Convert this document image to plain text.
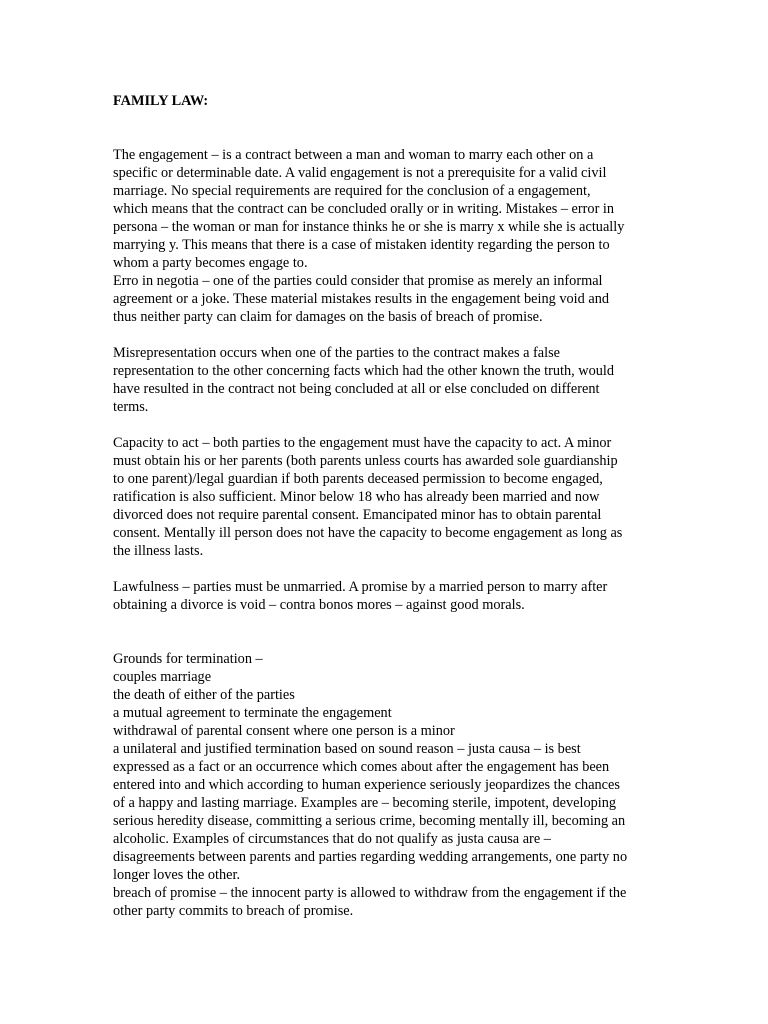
FAMILY LAW:
The engagement – is a contract between a man and woman to marry each other on a
specific or determinable date. A valid engagement is not a prerequisite for a valid civil
marriage. No special requirements are required for the conclusion of a engagement,
which means that the contract can be concluded orally or in writing. Mistakes – error in
persona – the woman or man for instance thinks he or she is marry x while she is actually
marrying y. This means that there is a case of mistaken identity regarding the person to
whom a party becomes engage to.
Erro in negotia – one of the parties could consider that promise as merely an informal
agreement or a joke. These material mistakes results in the engagement being void and
thus neither party can claim for damages on the basis of breach of promise.
Misrepresentation occurs when one of the parties to the contract makes a false
representation to the other concerning facts which had the other known the truth, would
have resulted in the contract not being concluded at all or else concluded on different
terms.
Capacity to act – both parties to the engagement must have the capacity to act. A minor
must obtain his or her parents (both parents unless courts has awarded sole guardianship
to one parent)/legal guardian if both parents deceased permission to become engaged,
ratification is also sufficient. Minor below 18 who has already been married and now
divorced does not require parental consent. Emancipated minor has to obtain parental
consent. Mentally ill person does not have the capacity to become engagement as long as
the illness lasts.
Lawfulness – parties must be unmarried. A promise by a married person to marry after
obtaining a divorce is void – contra bonos mores – against good morals.
Grounds for termination –
couples marriage
the death of either of the parties
a mutual agreement to terminate the engagement
withdrawal of parental consent where one person is a minor
a unilateral and justified termination based on sound reason – justa causa – is best
expressed as a fact or an occurrence which comes about after the engagement has been
entered into and which according to human experience seriously jeopardizes the chances
of a happy and lasting marriage. Examples are – becoming sterile, impotent, developing
serious heredity disease, committing a serious crime, becoming mentally ill, becoming an
alcoholic. Examples of circumstances that do not qualify as justa causa are –
disagreements between parents and parties regarding wedding arrangements, one party no
longer loves the other.
breach of promise – the innocent party is allowed to withdraw from the engagement if the
other party commits to breach of promise.
